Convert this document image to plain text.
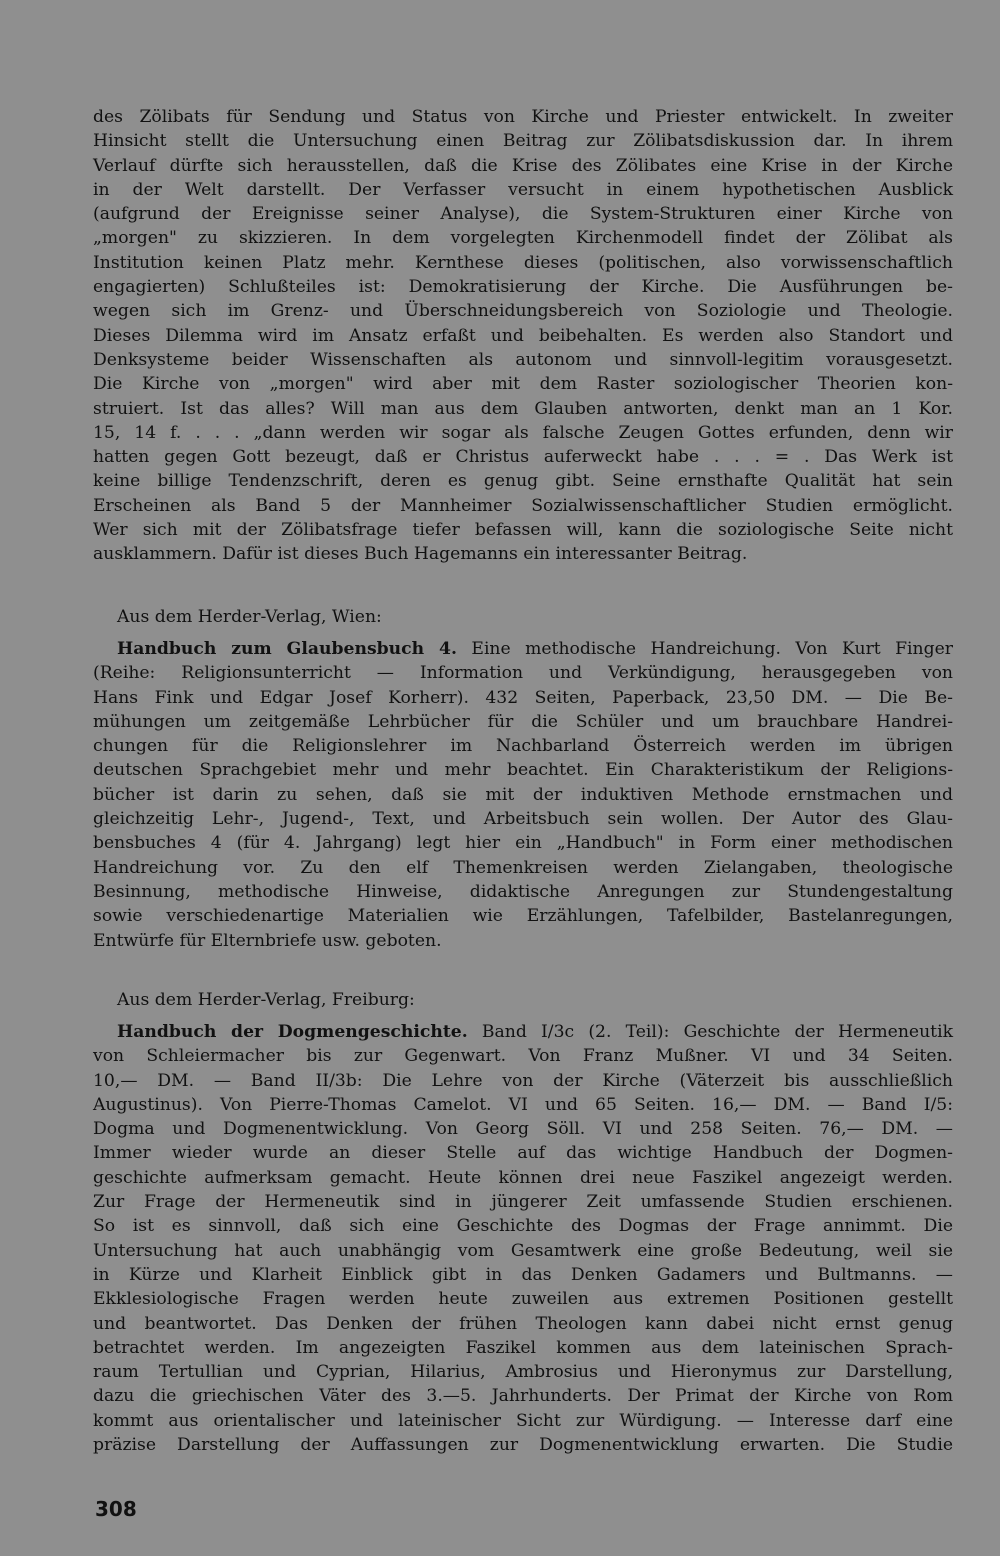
des Zölibats für Sendung und Status von Kirche und Priester entwickelt. In zweiter

Hinsicht stellt die Untersuchung einen Beitrag zur Zölibatsdiskussion dar. In ihrem

Verlauf dürfte sich herausstellen, daß die Krise des Zölibates eine Krise in der Kirche

in der Welt darstellt. Der Verfasser versucht in einem hypothetischen Ausblick

(aufgrund der Ereignisse seiner Analyse), die System-Strukturen einer Kirche von

„morgen" zu skizzieren. In dem vorgelegten Kirchenmodell findet der Zölibat als

Institution keinen Platz mehr. Kernthese dieses (politischen, also vorwissenschaftlich

engagierten) Schlußteiles ist: Demokratisierung der Kirche. Die Ausführungen be-

wegen sich im Grenz- und Überschneidungsbereich von Soziologie und Theologie.

Dieses Dilemma wird im Ansatz erfaßt und beibehalten. Es werden also Standort und

Denksysteme beider Wissenschaften als autonom und sinnvoll-legitim vorausgesetzt.

Die Kirche von „morgen" wird aber mit dem Raster soziologischer Theorien kon-

struiert. Ist das alles? Will man aus dem Glauben antworten, denkt man an 1 Kor.

15, 14 f. . . . „dann werden wir sogar als falsche Zeugen Gottes erfunden, denn wir

hatten gegen Gott bezeugt, daß er Christus auferweckt habe . . . = . Das Werk ist

keine billige Tendenzschrift, deren es genug gibt. Seine ernsthafte Qualität hat sein

Erscheinen als Band 5 der Mannheimer Sozialwissenschaftlicher Studien ermöglicht.

Wer sich mit der Zölibatsfrage tiefer befassen will, kann die soziologische Seite nicht

ausklammern. Dafür ist dieses Buch Hagemanns ein interessanter Beitrag.

Aus dem Herder-Verlag, Wien:

Handbuch zum Glaubensbuch 4. Eine methodische Handreichung. Von Kurt Finger

(Reihe: Religionsunterricht — Information und Verkündigung, herausgegeben von

Hans Fink und Edgar Josef Korherr). 432 Seiten, Paperback, 23,50 DM. — Die Be-

mühungen um zeitgemäße Lehrbücher für die Schüler und um brauchbare Handrei-

chungen für die Religionslehrer im Nachbarland Österreich werden im übrigen

deutschen Sprachgebiet mehr und mehr beachtet. Ein Charakteristikum der Religions-

bücher ist darin zu sehen, daß sie mit der induktiven Methode ernstmachen und

gleichzeitig Lehr-, Jugend-, Text, und Arbeitsbuch sein wollen. Der Autor des Glau-

bensbuches 4 (für 4. Jahrgang) legt hier ein „Handbuch" in Form einer methodischen

Handreichung vor. Zu den elf Themenkreisen werden Zielangaben, theologische

Besinnung, methodische Hinweise, didaktische Anregungen zur Stundengestaltung

sowie verschiedenartige Materialien wie Erzählungen, Tafelbilder, Bastelanregungen,

Entwürfe für Elternbriefe usw. geboten.

Aus dem Herder-Verlag, Freiburg:

Handbuch der Dogmengeschichte. Band I/3c (2. Teil): Geschichte der Hermeneutik

von Schleiermacher bis zur Gegenwart. Von Franz Mußner. VI und 34 Seiten.

10,— DM. — Band II/3b: Die Lehre von der Kirche (Väterzeit bis ausschließlich

Augustinus). Von Pierre-Thomas Camelot. VI und 65 Seiten. 16,— DM. — Band I/5:

Dogma und Dogmenentwicklung. Von Georg Söll. VI und 258 Seiten. 76,— DM. —

Immer wieder wurde an dieser Stelle auf das wichtige Handbuch der Dogmen-

geschichte aufmerksam gemacht. Heute können drei neue Faszikel angezeigt werden.

Zur Frage der Hermeneutik sind in jüngerer Zeit umfassende Studien erschienen.

So ist es sinnvoll, daß sich eine Geschichte des Dogmas der Frage annimmt. Die

Untersuchung hat auch unabhängig vom Gesamtwerk eine große Bedeutung, weil sie

in Kürze und Klarheit Einblick gibt in das Denken Gadamers und Bultmanns. —

Ekklesiologische Fragen werden heute zuweilen aus extremen Positionen gestellt

und beantwortet. Das Denken der frühen Theologen kann dabei nicht ernst genug

betrachtet werden. Im angezeigten Faszikel kommen aus dem lateinischen Sprach-

raum Tertullian und Cyprian, Hilarius, Ambrosius und Hieronymus zur Darstellung,

dazu die griechischen Väter des 3.—5. Jahrhunderts. Der Primat der Kirche von Rom

kommt aus orientalischer und lateinischer Sicht zur Würdigung. — Interesse darf eine

präzise Darstellung der Auffassungen zur Dogmenentwicklung erwarten. Die Studie

308
